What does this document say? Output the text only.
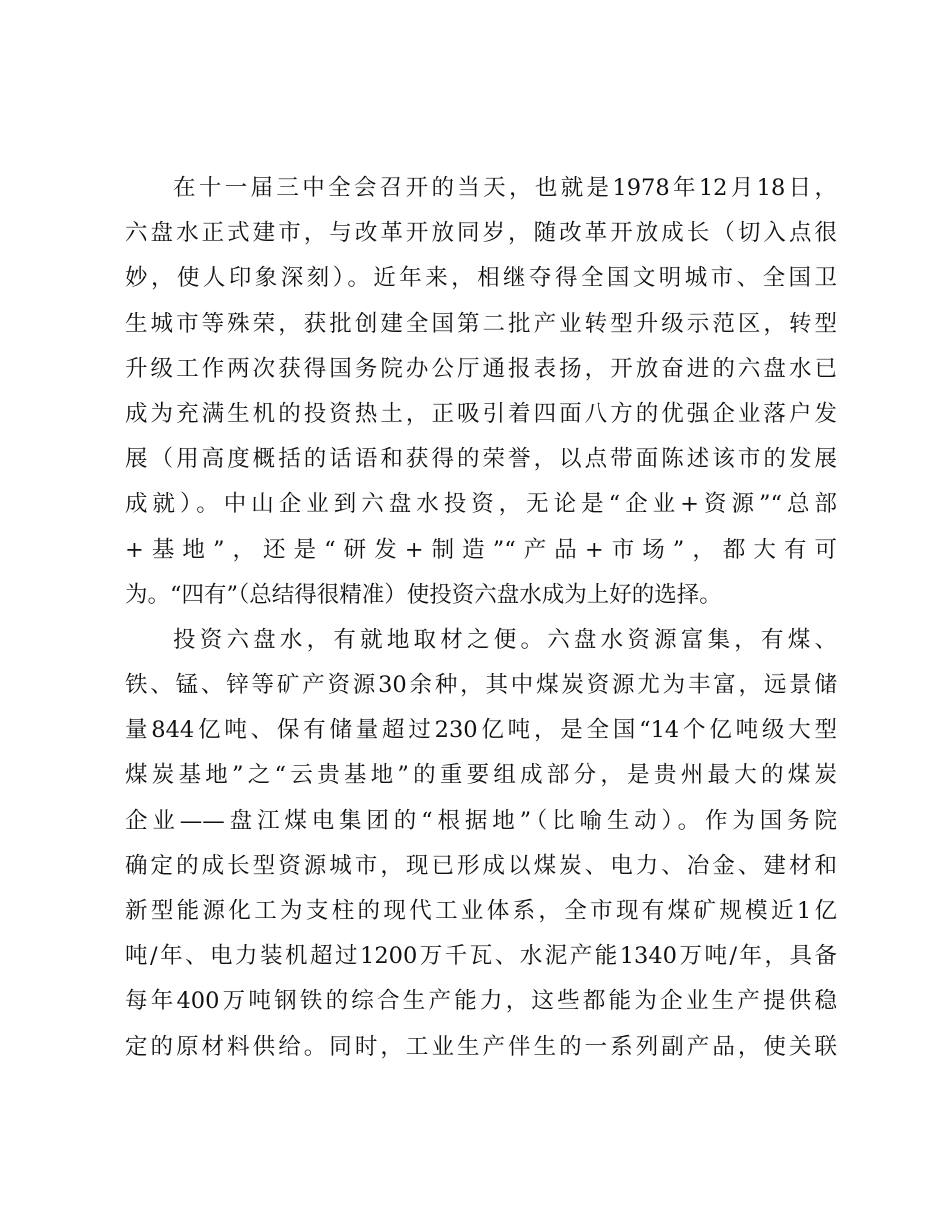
在十一届三中全会召开的当天，也就是1978年12月18日，
六盘水正式建市，与改革开放同岁，随改革开放成长（切入点很
妙，使人印象深刻）。近年来，相继夺得全国文明城市、全国卫
生城市等殊荣，获批创建全国第二批产业转型升级示范区，转型
升级工作两次获得国务院办公厅通报表扬，开放奋进的六盘水已
成为充满生机的投资热土，正吸引着四面八方的优强企业落户发
展（用高度概括的话语和获得的荣誉，以点带面陈述该市的发展
成就）。中山企业到六盘水投资，无论是“企业+资源”“总部
+基地”，还是“研发+制造”“产品+市场”，都大有可
为。“四有”（总结得很精准）使投资六盘水成为上好的选择。
投资六盘水，有就地取材之便。六盘水资源富集，有煤、
铁、锰、锌等矿产资源30余种，其中煤炭资源尤为丰富，远景储
量844亿吨、保有储量超过230亿吨，是全国“14个亿吨级大型
煤炭基地”之“云贵基地”的重要组成部分，是贵州最大的煤炭
企业——盘江煤电集团的“根据地”（比喻生动）。作为国务院
确定的成长型资源城市，现已形成以煤炭、电力、冶金、建材和
新型能源化工为支柱的现代工业体系，全市现有煤矿规模近1亿
吨/年、电力装机超过1200万千瓦、水泥产能1340万吨/年，具备
每年400万吨钢铁的综合生产能力，这些都能为企业生产提供稳
定的原材料供给。同时，工业生产伴生的一系列副产品，使关联
